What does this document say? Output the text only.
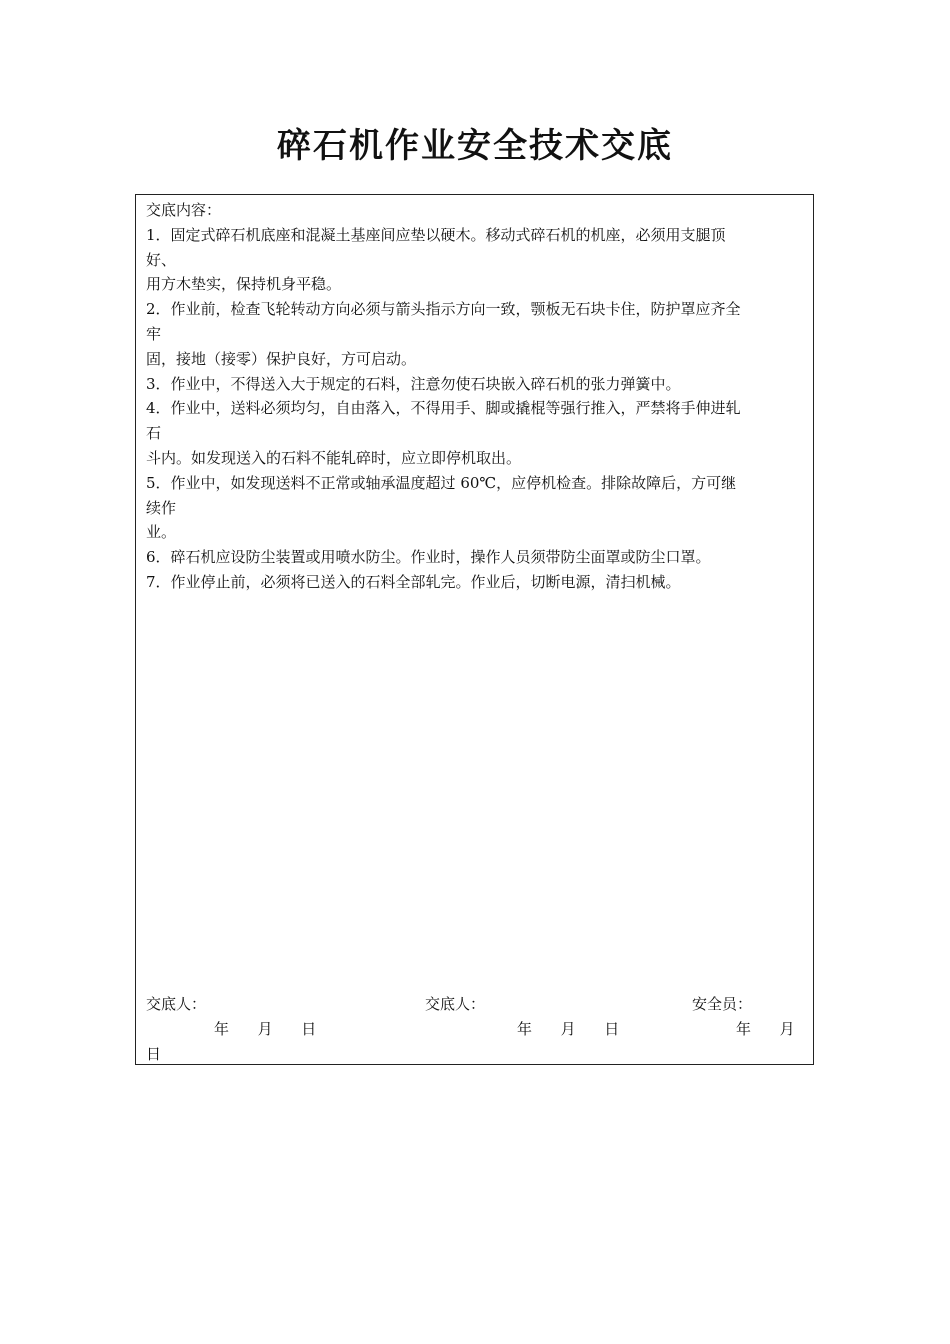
碎石机作业安全技术交底
交底内容：
1．固定式碎石机底座和混凝土基座间应垫以硬木。移动式碎石机的机座，必须用支腿顶
好、
用方木垫实，保持机身平稳。
2．作业前，检查飞轮转动方向必须与箭头指示方向一致，颚板无石块卡住，防护罩应齐全
牢
固，接地（接零）保护良好，方可启动。
3．作业中，不得送入大于规定的石料，注意勿使石块嵌入碎石机的张力弹簧中。
4．作业中，送料必须均匀，自由落入，不得用手、脚或撬棍等强行推入，严禁将手伸进轧
石
斗内。如发现送入的石料不能轧碎时，应立即停机取出。
5．作业中，如发现送料不正常或轴承温度超过 60℃，应停机检查。排除故障后，方可继
续作
业。
6．碎石机应设防尘装置或用喷水防尘。作业时，操作人员须带防尘面罩或防尘口罩。
7．作业停止前，必须将已送入的石料全部轧完。作业后，切断电源，清扫机械。
交底人：	交底人：	安全员：
年      月      日	年      月      日	年      月
日
